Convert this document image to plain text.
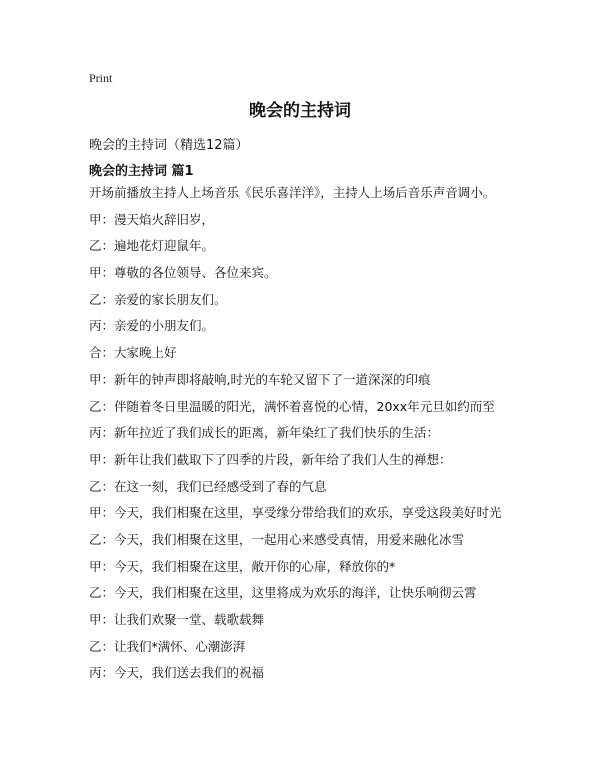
Print
晚会的主持词
晚会的主持词（精选12篇）
晚会的主持词 篇1
开场前播放主持人上场音乐《民乐喜洋洋》，主持人上场后音乐声音调小。
甲：漫天焰火辞旧岁，
乙：遍地花灯迎鼠年。
甲：尊敬的各位领导、各位来宾。
乙：亲爱的家长朋友们。
丙：亲爱的小朋友们。
合：大家晚上好
甲：新年的钟声即将敲响,时光的车轮又留下了一道深深的印痕
乙：伴随着冬日里温暖的阳光，满怀着喜悦的心情，20xx年元旦如约而至
丙：新年拉近了我们成长的距离，新年染红了我们快乐的生活：
甲：新年让我们截取下了四季的片段，新年给了我们人生的禅想：
乙：在这一刻，我们已经感受到了春的气息
甲：今天，我们相聚在这里，享受缘分带给我们的欢乐，享受这段美好时光
乙：今天，我们相聚在这里，一起用心来感受真情，用爱来融化冰雪
甲：今天，我们相聚在这里，敞开你的心扉，释放你的*
乙：今天，我们相聚在这里，这里将成为欢乐的海洋，让快乐响彻云霄
甲：让我们欢聚一堂、载歌载舞
乙：让我们*满怀、心潮澎湃
丙：今天，我们送去我们的祝福
